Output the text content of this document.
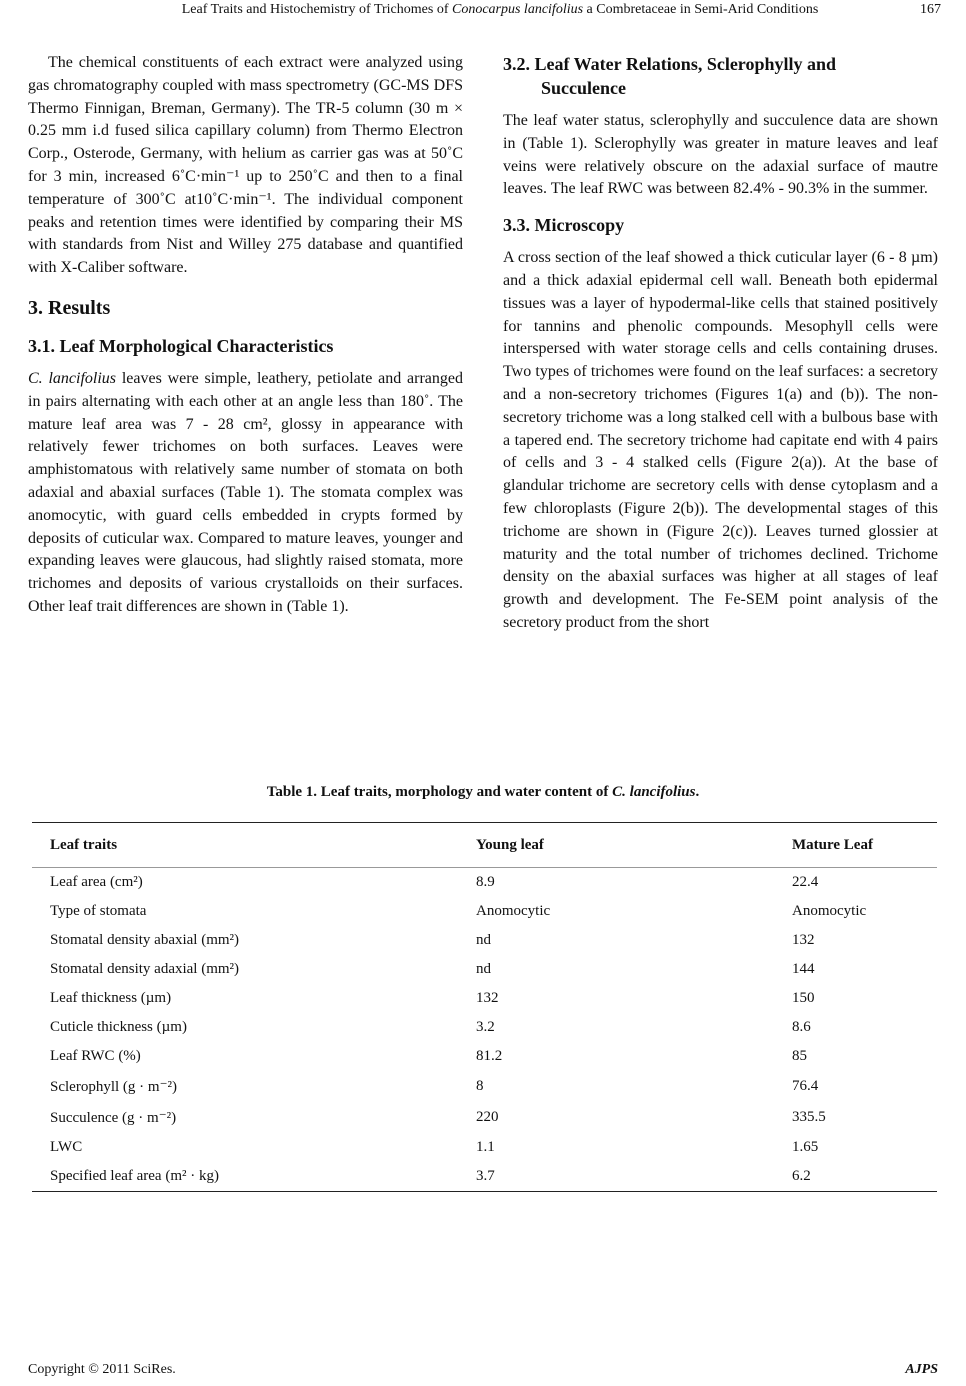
Leaf Traits and Histochemistry of Trichomes of Conocarpus lancifolius a Combretaceae in Semi-Arid Conditions	167

The chemical constituents of each extract were analyzed using gas chromatography coupled with mass spectrometry (GC-MS DFS Thermo Finnigan, Breman, Germany). The TR-5 column (30 m × 0.25 mm i.d fused silica capillary column) from Thermo Electron Corp., Osterode, Germany, with helium as carrier gas was at 50˚C for 3 min, increased 6˚C·min⁻¹ up to 250˚C and then to a final temperature of 300˚C at10˚C·min⁻¹. The individual component peaks and retention times were identified by comparing their MS with standards from Nist and Willey 275 database and quantified with X-Caliber software.

3. Results
3.1. Leaf Morphological Characteristics

C. lancifolius leaves were simple, leathery, petiolate and arranged in pairs alternating with each other at an angle less than 180˚. The mature leaf area was 7 - 28 cm², glossy in appearance with relatively fewer trichomes on both surfaces. Leaves were amphistomatous with relatively same number of stomata on both adaxial and abaxial surfaces (Table 1). The stomata complex was anomocytic, with guard cells embedded in crypts formed by deposits of cuticular wax. Compared to mature leaves, younger and expanding leaves were glaucous, had slightly raised stomata, more trichomes and deposits of various crystalloids on their surfaces. Other leaf trait differences are shown in (Table 1).

3.2. Leaf Water Relations, Sclerophylly and
Succulence

The leaf water status, sclerophylly and succulence data are shown in (Table 1). Sclerophylly was greater in mature leaves and leaf veins were relatively obscure on the adaxial surface of mautre leaves. The leaf RWC was between 82.4% - 90.3% in the summer.

3.3. Microscopy

A cross section of the leaf showed a thick cuticular layer (6 - 8 µm) and a thick adaxial epidermal cell wall. Beneath both epidermal tissues was a layer of hypodermal-like cells that stained positively for tannins and phenolic compounds. Mesophyll cells were interspersed with water storage cells and cells containing druses. Two types of trichomes were found on the leaf surfaces: a secretory and a non-secretory trichomes (Figures 1(a) and (b)). The non-secretory trichome was a long stalked cell with a bulbous base with a tapered end. The secretory trichome had capitate end with 4 pairs of cells and 3 - 4 stalked cells (Figure 2(a)). At the base of glandular trichome are secretory cells with dense cytoplasm and a few chloroplasts (Figure 2(b)). The developmental stages of this trichome are shown in (Figure 2(c)). Leaves turned glossier at maturity and the total number of trichomes declined. Trichome density on the abaxial surfaces was higher at all stages of leaf growth and development. The Fe-SEM point analysis of the secretory product from the short

Table 1. Leaf traits, morphology and water content of C. lancifolius.
Leaf traits	Young leaf	Mature Leaf
Leaf area (cm²)	8.9	22.4
Type of stomata	Anomocytic	Anomocytic
Stomatal density abaxial (mm²)	nd	132
Stomatal density adaxial (mm²)	nd	144
Leaf thickness (µm)	132	150
Cuticle thickness (µm)	3.2	8.6
Leaf RWC (%)	81.2	85
Sclerophyll (g · m⁻²)	8	76.4
Succulence (g · m⁻²)	220	335.5
LWC	1.1	1.65
Specified leaf area (m² · kg)	3.7	6.2
Copyright © 2011 SciRes.	AJPS
